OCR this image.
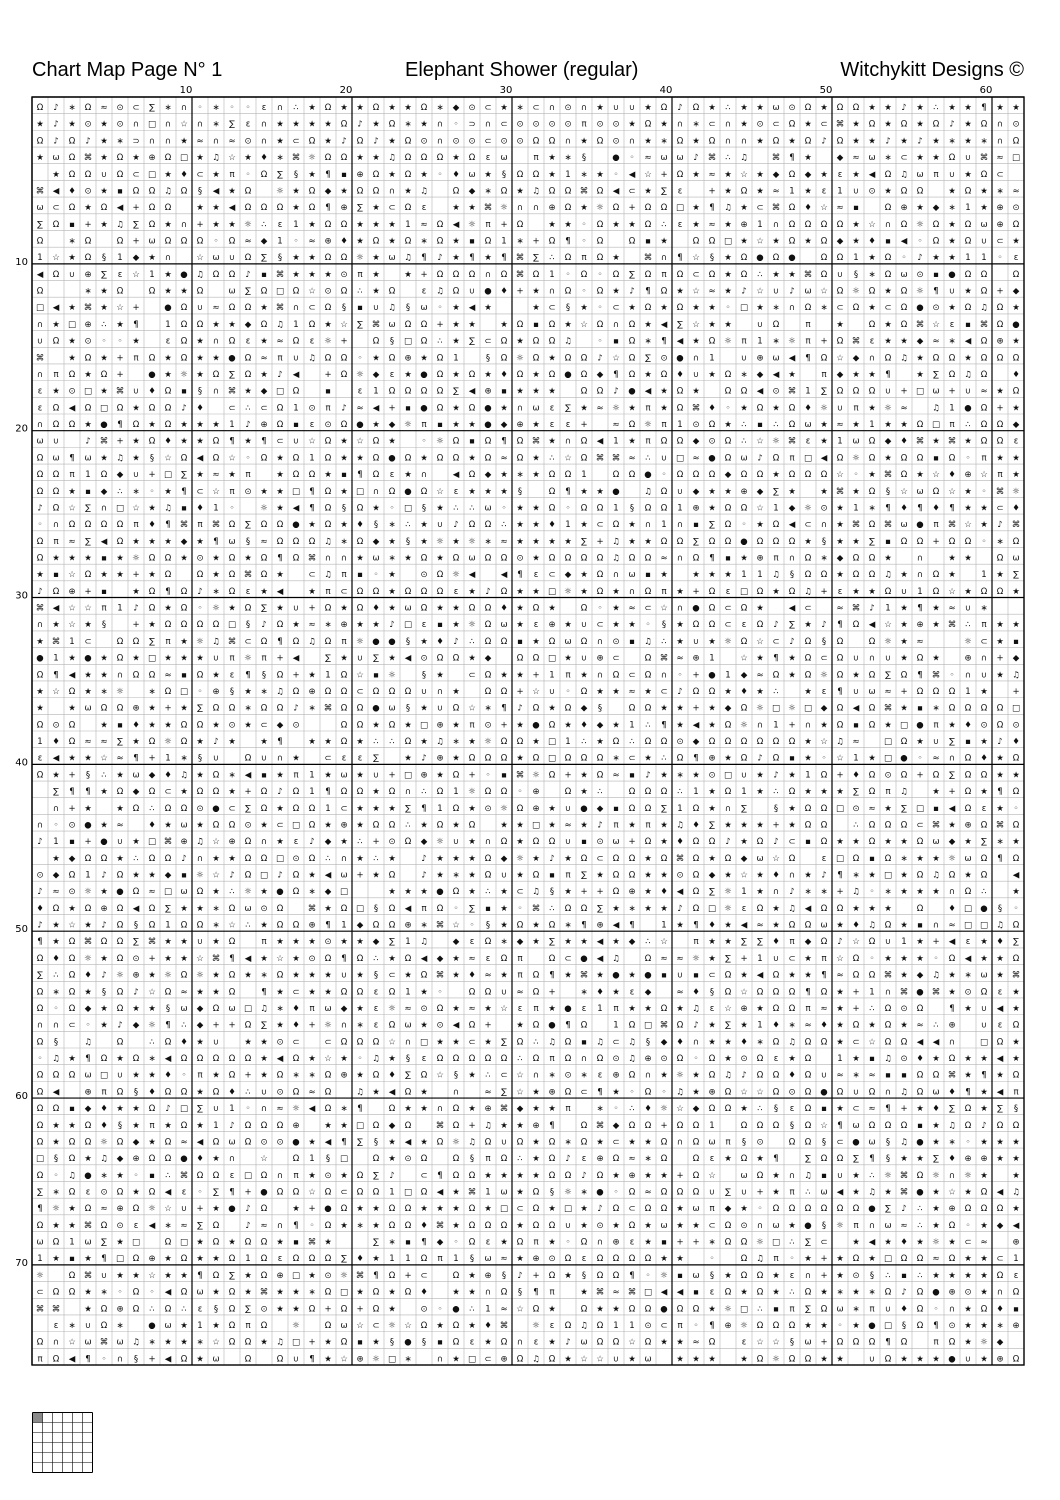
Chart Map Page N° 1	Elephant Shower (regular)	Witchykitt Designs ©
Ω ♪ ∗ Ω ≈ ⊙ ⊂ ∑ ∗ ∩ ◦ ∗ ◦ ◦ ε ∩ ∴ ★ Ω ★ ★ Ω ★ ★ Ω ∗ ◆ ⊙ ⊂ ★ ∗ ⊂ ∩ ⊙ ∩ ★ ∪ ∪ ★ Ω ♪ Ω ★ ∴ ★ ★ ω ⊙ Ω ★ Ω Ω ★ ★ ♪ ★ ∴ ★ ★ ¶ ★ ★
★ ♪ ★ ⊙ ★ ⊙ ∩ □ ∩ ☆ ∩ ∗ ∑ ε ∩ ★ ★ ★ ★ Ω ♪ ★ Ω ∗ ★ ∩ ◦ ⊃ ∩ ⊂ ⊙ ⊙ ⊙ ⊙ π ⊙ ⊙ ★ Ω ★ ∩ ∗ ⊂ ∩ ★ ⊙ ⊂ Ω ★ ⊂ ⌘ ★ Ω ★ Ω ★ Ω ♪ ★ Ω ∩ ⊙
Ω ♪ Ω ♪ ★ ∗ ⊃ ∩ ∩ ★ ≈ ∩ ≈ ⊙ ∩ ★ ⊂ Ω ★ ♪ Ω ♪ ★ Ω ⊙ ∩ ⊙ ⊙ ⊂ ⊙ ⊙ Ω Ω ∩ ★ Ω ⊙ ∩ ★ ∗ Ω ★ Ω ∩ ∩ ★ Ω ★ Ω ♪ Ω ★ ★ ♪ ★ ♪ ★ ∗ ★ ∗ ∩ Ω
★ ω Ω ⌘ ★ Ω ★ ⊕ Ω □ ★ ♫ ☆ ★ ♦ ∗ ⌘ ☼ Ω Ω ★ ★ ♫ Ω Ω Ω ★ Ω ε ω	π ★ ∗ §	● ◦ ≈ ω ω ♪ ⌘ ∴ ♫	⌘ ¶ ★	◆ ≈ ω ∗ ⊂ ★ ★ Ω ∪ ⌘ ≈ □
★ Ω Ω ∪ Ω ⊂ □ ★ ♦ ⊂ ★ π ◦ Ω ∑ § ★ ¶ ▪ ⊕ Ω ★ Ω ★ ◦ ♦ ω ★ § Ω Ω ★ 1 ∗ ★ ◦ ◀ ☆ + Ω ★ ≈ ★ ☆ ★ ◆ Ω ◆ ★ ε ★ ◀ Ω ♫ ω π ∪ ★ Ω ⊂
⌘ ◀ ♦ ⊙ ★ ▪ Ω Ω ♫ Ω § ◀ ★ Ω	☼ ★ Ω ◆ ★ Ω Ω ∩ ★ ♫	Ω ◆ ∗ Ω ★ ♫ Ω Ω ⌘ Ω ◀ ⊂ ★ ∑ ε	+ ★ Ω ★ ≈ 1 ★ ε 1 ∪ ⊙ ★ Ω Ω	★ Ω ★ ∗ ≈
ω ⊂ Ω ★ Ω ◀ + Ω Ω	★ ★ ◀ Ω Ω Ω ★ Ω ¶ ⊕ ∑ ★ ⊂ Ω ε	★ ★ ⌘ ☼ ∩ ∩ ⊕ Ω ★ ☼ Ω + Ω Ω □ ★ ¶ ♫ ★ ⊂ ⌘ Ω ♦ ☆ ≈ ▪	Ω ⊕ ★ ◆ ∗ 1 ★ ⊕ ⊙
∑ Ω ▪ + ★ ♫ ∑ Ω ★ ∩ + ★ ★ ☼ ∴ ε 1 ★ Ω Ω ★ ★ ★ 1 ≈ Ω ◀ ☼ π + Ω	★ ★ ◦ Ω ★ ★ Ω ∴ ε ★ ≈ ★ ⊕ 1 ∩ Ω Ω Ω Ω ★ ☆ ∩ Ω ☼ Ω ★ Ω ω ⊕ Ω
Ω	∗ Ω	Ω + ω Ω Ω Ω ◦ Ω ≈ ◆ 1 ◦ ≈ ⊕ ♦ ★ Ω ★ Ω ∗ Ω ★ ▪ Ω 1 ∗ + Ω ¶ ◦ Ω	Ω ▪ ★	Ω Ω □ ★ ☆ ★ Ω ★ Ω ◆ ★ ♦ ▪ ◀ ◦ Ω ★ Ω ∪ ⊂ ★
1 ☆ ★ Ω § 1 ◆ ★ ∩	☆ ω ∪ Ω ∑ § ★ ★ Ω Ω ☼ ★ ω ♫ ¶ ♪ ★ ¶ ★ ¶ ⌘ ∑ ∴ Ω π Ω ★	⌘ ∩ ¶ ☆ § ★ Ω ● Ω ●	Ω Ω 1 ★ Ω ◦ ♪ ★ ★ 1 1 ◦ ε
◀ Ω ∪ ⊕ ∑ ε ☆ 1 ★ ● ♫ Ω Ω ♪ ▪ ⌘ ★ ★ ★ ⊙ π ★	★ + Ω Ω Ω ∩ Ω ⌘ Ω 1 ◦ Ω ◦ Ω ∑ Ω π Ω ⊂ Ω ★ Ω ∴ ★ ★ ⌘ Ω ∪ § ∗ Ω ω ⊙ ▪ ● Ω Ω	Ω
Ω	∗ ★ Ω	Ω ★ ★ Ω	ω ∑ Ω □ Ω ☆ ⊙ Ω ∴ ★ Ω	ε ♫ Ω ∪ ● ♦ + ★ ∩ Ω ◦ Ω ★ ♪ ¶ Ω ★ ☆ ≈ ★ ♪ ☆ ∪ ♪ ω ☆ Ω ☼ Ω ★ Ω ☼ ¶ ∪ ★ Ω + ◆
□ ◀ ★ ⌘ ★ ☆ +	● Ω ∪ ≈ Ω Ω ★ ⌘ ∩ ⊂ Ω § ▪ ∪ ♫ § ω ◦ ★ ◀ ★	★ ⊂ § ★ ◦ ⊂ ★ Ω ★ Ω ★ ★ ◦ □ ★ ∗ ∩ Ω ∗ ⊂ Ω ★ ⊂ Ω ● ⊙ ★ Ω ♫ Ω ★
∩ ★ □ ⊕ ∴ ★ ¶	1 Ω Ω ★ ★ ◆ Ω ♫ 1 Ω ★ ☆ ∑ ⌘ ω Ω Ω + ★ ★	★ Ω ▪ Ω ★ ☆ Ω ∩ Ω ★ ◀ ∑ ☆ ★ ★	∪ Ω	π	★	Ω ★ Ω ⌘ ☆ ε ▪ ⌘ Ω ●
∪ Ω ★ ⊙ ◦ ◦ ★	ε Ω ★ ∩ Ω ε ★ ≈ Ω ε ☼ +	Ω § □ Ω ∴ ★ ∑ ⊂ Ω ★ Ω Ω ♫	◦ ▪ Ω ∗ ¶ ◀ ★ Ω ☼ π 1 ∗ ☼ π + Ω ⌘ ε ★ ★ ◆ ≈ ∗ ◀ Ω ⊕ ★
⌘	★ Ω ★ + π Ω ★ Ω ★ ★ ● Ω ≈ π ∪ ♫ Ω Ω ◦ ★ Ω ⊕ ★ Ω 1	§ Ω ☼ Ω ★ Ω Ω ♪ ☆ Ω ∑ ⊙ ● ∩ 1	∪ ⊕ ω ◀ ¶ Ω ☆ ◆ ∩ Ω ♫ ★ Ω Ω ★ Ω Ω Ω
∩ π Ω ★ Ω +	● ★ ☼ ★ Ω ∑ Ω ★ ♪ ◀	+ Ω ☼ ◆ ε ★ ● Ω ★ Ω ★ ♦ Ω ★ Ω ● Ω ◆ ¶ Ω ★ Ω ♦ ∪ ★ Ω ∗ ◆ ◀ ★	π ◆ ★ ★ ¶	★ ∑ Ω ♫ Ω	♦
ε ★ ⊙ □ ★ ⌘ ∪ ♦ Ω ▪ § ∩ ⌘ ★ ◆ □ Ω	▪	ε 1 Ω Ω Ω Ω ∑ ◀ ⊕ ▪ ★ ★ ★	Ω Ω ♪ ● ◀ ★ Ω ★	Ω Ω ◀ ⊙ ⌘ 1 ∑ Ω Ω Ω ∪ + □ ω + ∪ ≈ ★ Ω
ε Ω ◀ Ω □ Ω ★ Ω Ω ♪ ♦	⊂ ∴ ⊂ Ω 1 ⊙ π ♪ ≈ ◀ + ▪ ● Ω ★ Ω ● ★ ∩ ω ε ∑ ★ ≈ ☼ ★ π ★ Ω ⌘ ♦ ◦ ★ Ω ★ Ω ♦ ☼ ∪ π ★ ☼ ≈	♫ 1 ● Ω + ★
∩ Ω Ω ★ ● ¶ Ω ★ Ω ★ ★ ★ 1 ♪ ⊕ Ω ▪ ε ⊙ Ω ● ★ ◆ ☼ π ▪ ★ ★ ● ◆ ⊕ ★ ε ε +	≈ Ω ☼ π 1 ⊙ Ω ★ ∴ ▪ ∴ Ω ω ★ ≈ ★ 1 ★ ★ Ω □ π ∴ Ω Ω ◆
ω ∪	♪ ⌘ + ★ Ω ♦ ★ ★ Ω ¶ ★ ¶ ⊂ ∪ ☆ Ω ★ ☆ Ω ★	◦ ☼ Ω ▪ Ω ¶ Ω ⌘ ★ ∩ Ω ◀ 1 ★ π Ω Ω ◆ ⊙ Ω ∴ ☆ ☼ ⌘ ε ★ 1 ω Ω ◆ ♦ ⌘ ★ ⌘ ★ Ω Ω ε
Ω ω ¶ ω ★ ♫ ★ § ☆ Ω ◀ Ω ☆ ◦ Ω ★ Ω 1 Ω ★ ★ Ω ● Ω ★ Ω Ω ★ Ω ≈ Ω ★ ∴ ☆ Ω ⌘ ⌘ ≈ ∴ ∪ □ ≈ ● Ω ω ♪ Ω π □ ◀ Ω ☼ Ω ★ Ω Ω ▪ Ω ◦ π ★ ★
Ω Ω π 1 Ω ◆ ∪ + □ ∑ ★ ≈ ★ π	★ Ω Ω ★ ▪ ¶ Ω ε ★ ∩	◀ Ω ◆ ★ ∗ ★ Ω Ω 1	Ω Ω ● ◦ Ω Ω Ω ◆ Ω Ω ★ Ω Ω Ω ☆ ◦ ★ ⌘ Ω ★ ☆ ♦ ⊕ ☆ π ★
Ω Ω ★ ▪ ◆ ∴ ∗ ◦ ★ ¶ ⊂ ☆ π ⊙ ★ ★ □ ¶ Ω ★ □ ∩ Ω ● Ω ☆ ε ★ ★ ★ §	Ω ¶ ★ ★ ●	♫ Ω ∪ ◆ ★ ★ ⊕ ◆ ∑ ★	★ ⌘ ★ Ω § ☆ ω Ω ☆ ★ ◦ ⌘ ☼
♪ Ω ☆ ∑ ∩ □ ☆ ★ ♫ ▪ ♦ 1 ◦	☼ ★ ◀ ¶ Ω § Ω ★ ◦ □ § ★ ∴ ∴ ω ◦ ★ ★ Ω ◦ Ω Ω 1 § Ω Ω 1 ⊕ ★ Ω Ω ☆ 1 ◆ ☼ ⊙ ★ 1 ∗ ¶ ♦ ¶ ♦ ¶ ★ ★ ⊂ ♦
◦ ∩ Ω Ω Ω Ω π ♦ ¶ ⌘ π ⌘ Ω ∑ Ω Ω ● ★ Ω ★ ♦ § ∗ ∴ ★ ∪ ♪ Ω Ω ∴ ★ ★ ♦ 1 ★ ⊂ Ω ★ ∩ 1 ∩ ▪ ∑ Ω ◦ ★ Ω ◀ ⊂ ∩ ★ ⌘ Ω ⌘ ω ● π ⌘ ☆ ★ ♪ ⌘
Ω π ≈ ∑ ◀ Ω ★ ★ ★ ◆ ★ ¶ ω § ≈ Ω Ω Ω ♫ ∗ Ω ◆ ★ § ★ ☼ ★ ☼ ∗ ≈ ★ ★ ★ ★ ∑ + ♫ ★ ★ Ω Ω ∑ Ω Ω ● Ω Ω Ω ★ § ★ ★ ∑ ▪ Ω Ω + Ω Ω ◦ ∗ Ω
Ω ★ ★ ★ ▪ ★ ☼ Ω Ω ★ ⊙ ★ Ω ★ Ω ¶ Ω ⌘ ∩ ∩ ★ ω ∗ ★ Ω ★ Ω ω Ω Ω ⊙ ★ Ω Ω Ω Ω ♫ Ω Ω ≈ ∩ Ω ¶ ▪ ★ ⊕ π ∩ Ω ∗ ◆ Ω Ω ★	∩	★ ★	Ω ω
★ ▪ ☆ Ω ★ ★ + ★ Ω	Ω ★ Ω ⌘ Ω ★	⊂ ♫ π ▪ ◦ ★	⊙ Ω ☼ ◀	◀ ¶ ε ⊂ ◆ ★ Ω ∩ ω ▪ ★	★ ★ ★ 1 1 ♫ § Ω Ω ★ Ω Ω ♫ ★ ∩ Ω ★	1 ★ ∑
♪ Ω ⊕ + ▪	★ Ω ¶ Ω ♪ ∗ Ω ε ★ ◀	★ π ⊂ Ω Ω ★ Ω Ω Ω ε ★ ♪ Ω ★ ★ □ ☼ ★ Ω ★ ∩ Ω π ★ + Ω ε □ Ω ★ Ω ♫ + ε ★ ★ Ω ∪ 1 Ω ☆ ★ Ω Ω ★
⌘ ◀ ☆ ☆ π 1 ♪ Ω ★ Ω ◦ ☼ ★ Ω ∑ ★ ∪ + Ω ★ Ω ♦ ★ ω Ω ★ ★ Ω Ω ♦ ★ Ω ★	Ω ◦ ★ ≈ ⊂ ☆ ∩ ● Ω ⊂ Ω ★	◀ ⊂	≈ ⌘ ♪ 1 ★ ¶ ★ ≈ ∪ ∗
∩ ★ ☆ ★ §	+ ★ Ω Ω Ω Ω □ § ♪ Ω ★ ≈ ∗ ⊕ ★ ★ ♪ □ ε ▪ ★ ☼ Ω ω ★ ε ⊕ ★ ∪ ⊂ ★ ★ ◦ § ★ Ω Ω ⊂ ε Ω ♪ ∑ ★ ♪ ¶ Ω ◀ ☆ ★ ⊕ ★ ⌘ ∴ π ★ ★
★ ⌘ 1 ⊂	Ω Ω ∑ π ★ ☼ ♫ ⌘ ⊂ Ω ¶ Ω ♫ Ω π ☼ ● ● § ★ ♦ ♪ ∴ Ω Ω ▪ ★ Ω ω Ω ∩ ⊙ ▪ ♫ ∴ ★ ∪ ★ ☼ Ω ☆ ⊂ ♪ Ω § Ω	Ω ☼ ★ ≈	☼ ⊂ ★ ▪
● 1 ★ ● ★ Ω ★ □ ★ ★ ★ ∪ π ☼ π + ◀	∑ ★ ∪ ∑ ★ ◀ ⊙ Ω Ω ★ ◆	Ω Ω □ ★ ∪ ⊕ ⊂	Ω ⌘ ≈ ⊕ 1	☆ ★ ¶ ★ Ω ⊂ Ω ∪ ∩ ∪ ★ Ω ★	⊕ ∩ + ◆
Ω ¶ ◀ ★ ★ ∩ Ω Ω ≈ ▪ Ω ★ ε ¶ § Ω + ★ 1 Ω ☆ ▪ ☼	§ ★	⊂ Ω ★ ★ + 1 π ★ ∩ Ω ⊂ Ω ∩ ◦ + ● 1 ◆ ≈ Ω ★ Ω ☼ Ω ★ Ω ∑ Ω ¶ ⌘ ◦ ∩ ∪ ★ ♫
★ ☆ Ω ★ ∗ ☼	∗ Ω □ ◦ ⊕ § ★ ∗ ♫ Ω ⊕ Ω Ω ⊂ Ω Ω Ω ∪ ∩ ★	Ω Ω + ☆ ∪ ◦ Ω ★ ★ ≈ ★ ⊂ ♪ Ω Ω ★ ♦ ★ ∴	★ ε ¶ ∪ ω ≈ + Ω Ω Ω 1 ★	+
★	★ ω Ω Ω ⊕ ★ + ★ ∑ Ω Ω ∗ Ω Ω ♪ ∗ ⌘ Ω Ω ● ω § ★ ∪ Ω ☆ ∗ ¶ ♪ Ω ★ Ω ◆ §	Ω Ω ★ ★ + ★ ◆ Ω ☼ □ ☼ □ ◆ Ω ◀ Ω ⌘ ★ ▪ ∗ Ω Ω Ω Ω □
Ω ⊙ Ω	★ ▪ ♦ ★ ★ Ω Ω ★ ⊙ ★ ⊂ ◆ ⊙	Ω Ω ★ Ω ★ □ ⊕ ★ π ⊙ + ★ ● Ω ★ ♦ ◆ ★ 1 ∴ ¶ ★ ◀ ★ Ω ☼ ∩ 1 + ∩ ★ Ω ▪ Ω ★ □ ● π ★ ♦ ⊙ Ω ⊙
1 ♦ Ω ≈ ≈ ∑ ★ Ω ☼ Ω ★ ♪ ★	★ ¶	★ ★ Ω ★ ∴ ∴ Ω ★ ♫ ∗ ★ ☼ Ω Ω ★ □ 1 ∴ ★ Ω ∴ Ω Ω ⊙ ◆ Ω Ω Ω Ω Ω Ω ★ ☆ ♫ ≈	□ Ω ★ ∪ ∑ ▪ ★ ♪ ♦
ε ◀ ★ ★ ☆ ≈ ¶ + 1 ∗ § ∪	Ω ∪ ∩ ★	⊂ ε ε ∑	★ ♪ ⊕ ★ Ω Ω Ω ★ Ω □ Ω Ω Ω ∗ ⊂ ★ ∴ Ω ¶ ⊕ ★ Ω ♪ Ω ▪ ★ ◦ ☆ 1 ★ □ ● ◦ ≈ ∩ Ω ♦ ★ Ω
Ω ★ + § ∴ ★ ω ◆ ♦ ♫ ★ Ω ∗ ◀ ▪ ★ π 1 ★ ω ★ ∪ + □ ⊕ ★ Ω + ◦ ▪ ⌘ ☼ Ω + ★ Ω ≈ ▪ ♪ ★ ∗ ★ ⊙ □ ∪ ★ ♪ ★ 1 Ω + ♦ Ω ⊙ Ω + Ω ∑ Ω Ω ★ ★
∑ ¶ ¶ ★ Ω ◆ Ω ⊂ ★ Ω Ω ★ + Ω ♪ Ω 1 ¶ Ω Ω ★ Ω ∩ ∴ Ω 1 ☼ Ω Ω ◦ ⊕	Ω ★ ∴	Ω Ω Ω ∴ 1 ★ Ω 1 ★ ∴ Ω ★ ★ ★ ∑ Ω π ♫	★ + Ω ★ ¶ Ω
∩ + ★	★ Ω ∴ Ω Ω ⊙ ● ⊂ ∑ Ω ★ Ω Ω 1 ⊂ ★ ★ ★ ∑ ¶ 1 Ω ★ ⊙ ☼ Ω ⊕ ★ ∪ ● ◆ ▪ Ω Ω ∑ 1 Ω ★ ∩ ∑	§ ★ Ω Ω □ ⊙ ≈ ★ ∑ □ ▪ ◀ Ω ε ★ ◦
∩ ◦ ⊙ ● ★ ≈	♦ ★ ω ★ Ω Ω ⊙ ★ ⊂ □ Ω ★ ⊕ ★ Ω Ω ∴ ★ Ω ★ Ω	★ ★ □ ★ ≈ ★ ♪ π ★ π ★ ♫ ♦ ∑ ★ ★ ★ + ★ Ω Ω	∴ Ω Ω Ω ⊂ ⌘ ★ ⊕ Ω ⌘ Ω
♪ 1 ▪ + ● ∪ ★ □ ⌘ ⊕ ♫ ☆ ⊕ Ω ∩ ★ ε ♪ ◆ ★ ∴ + ⊙ Ω ◆ ☼ ∪ ★ ∩ Ω ★ Ω Ω ∪ ▪ ⊙ ω + Ω ★ ♦ Ω Ω ♪ ★ Ω ♪ ⊂ ▪ Ω ★ ★ Ω ★ ★ Ω ω ◆ ★ ∑ ∗ ★
★ ◆ Ω Ω ★ ∴ Ω Ω ♪ ∩ ★ ★ Ω Ω □ ⊙ Ω ∴ ∩ ★ ∴ ★	♪ ★ ★ ★ Ω ◆ ☼ ★ ♪ ★ Ω ⊂ Ω Ω ★ Ω ⌘ Ω ★ Ω ◆ ω ☆ Ω	ε □ Ω ▪ Ω ∗ ★ ★ ☼ ω Ω ¶ Ω
⊙ ◆ Ω 1 ♪ Ω ★ ★ ◆ ▪ ☼ ☆ ♪ Ω □ ♪ Ω ★ ◀ ω + ★ Ω	♪ ★ ∗ ★ Ω ∪ ★ Ω ▪ π ∑ ★ Ω Ω ★ ★ ⊙ Ω ◆ ★ ☆ ★ ♦ ∩ ★ ♪ ¶ ∗ ★ □ ★ Ω ♫ Ω ★ Ω	◀
♪ ≈ ⊙ ☼ ★ ● Ω ≈ □ ω Ω ★ ∴ ☼ ★ ● Ω ∗ ◆ □	★ ★ ★ ● Ω ★ ∴ ★ ⊂ ♫ § ★ + + Ω ⊕ ★ ♦ ◀ Ω ∑ ☼ 1 ★ ∩ ♪ ∗ ∗ + ♫ ◦ ∗ ★ ★ ★ ∩ Ω ∴	★
♦ Ω ★ Ω ⊕ Ω ◀ Ω ∑ ★ ★ ∗ Ω ω ⊙ Ω	⌘ ★ Ω □ § Ω ◀ π Ω ◦ ∑ ▪ ★ ◦ ⌘ ∴ Ω Ω ∑ ★ ∗ ★ ★ ♪ Ω □ ☼ ε Ω ★ ♫ ◀ Ω Ω ★ ★ ★	Ω	♦ □ ● § ◦
♪ ★ ☆ ★ ♪ Ω § Ω 1 Ω Ω ∗ ☆ ∴ ★ Ω Ω ⊕ ¶ 1 ◆ Ω Ω ⊕ ∗ ⌘ ☆ ◦ § ★ Ω ★ Ω ∗ ¶ ⊕ ◀ ¶	1 ★ ¶ ♦ ★ ◀ ≈ ★ Ω Ω ω ★ ♦ ♫ Ω ★ ▪ ∩ ≈ □ □ ♫ Ω
¶ ★ Ω ⌘ Ω Ω ∑ ⌘ ★ ★ ∪ ★ Ω	π ★ ★ ★ ⊙ ★ ★ ◆ ∑ 1 ♫	◆ ε Ω ∗ ◆ ★ ∑ ★ ★ ◀ ★ ◆ ∴ ☆	π ★ ★ ∑ ∑ ♦ π ◆ Ω ♪ ☆ Ω ∪ 1 ★ + ◀ ε ★ ♦ ∑
Ω ♦ Ω ☼ ★ Ω ⊙ + ★ ★ ☆ ⌘ ¶ ◀ ★ ☆ ★ ⊙ Ω ¶ Ω ∴ ★ Ω ◀ ◆ ★ ≈ ε Ω π	Ω ⊂ ● ◀ ♫	Ω ≈ ≈ ☼ ★ ∑ + 1 ∪ ⊂ ★ π ☆ Ω ◦ ★ ★ ★ ◦ Ω ◀ ★ ★ Ω
∑ ∴ Ω ♦ ♪ ☼ ⊕ ★ ☼ Ω ☼ ★ Ω ★ ∗ Ω ★ ★ ★ ∪ ★ § ⊂ ★ Ω ⌘ ★ ♦ ≈ ★ π Ω ¶ ★ ⌘ ★ ● ★ ● ▪ ∪ ▪ ⊂ Ω ★ ◀ Ω ★ ★ ¶ ≈ Ω Ω ⌘ ★ ◆ ♫ ★ ∗ ω ★ ⌘
Ω ∗ Ω ★ § Ω ♪ ☆ Ω ≈ ★ ★ Ω	¶ ★ ⊂ ★ ★ Ω Ω ε Ω 1 ★ ◦	Ω Ω ∪ ≈ Ω +	∗ ♦ ★ ε ◆	≈ ♦ § Ω ☆ Ω Ω Ω ¶ Ω ★ + 1 ∩ ⌘ ● ⌘ ★ ⊙ Ω ε ★
Ω ◦ Ω ◆ ★ Ω ★ ★ § ω ◆ Ω ω □ ♫ ∗ ♦ π ω ◆ ★ ε ☼ ≈ ⊙ Ω ★ ≈ ★ ☆ ε π ★ ● ε 1 π ★ ★ Ω ★ ♫ ε ☆ ⊕ ★ Ω Ω π ≈ ★ + ∴ Ω ⊙ Ω	¶ ★ ∪ ◀ ★
∩ ∩ ⊂ ◦ ★ ♪ ◆ ☼ ¶ ∴ ◆ + + Ω ∑ ★ ♦ + ☼ ∩ ∗ ε Ω ω ★ ⊙ ◀ Ω +	★ Ω ● ¶ Ω	1 Ω □ ⌘ Ω ♪ ★ ∑ ★ 1 ♦ ∗ ≈ ♦ ★ Ω ★ Ω ★ ≈ ∴ ⊕	∪ ε Ω
Ω §	♫	Ω	∴ Ω ♦ ★ ∪	★ ★ ⊙ ⊂	⊂ Ω Ω Ω ☆ ∩ □ ★ ★ ⊂ ★ ∑ Ω ∴ ♫ Ω ▪ ♫ ⊂ ♫ § ◆ ♦ ∩ ★ ★ ♦ ∗ Ω ♫ Ω Ω ★ ⊂ ☆ Ω Ω ◀ ◀ ∩	□ Ω ★
◦ ♫ ★ ¶ Ω ★ Ω ∗ ◀ Ω Ω Ω Ω Ω ★ ◀ Ω ★ ☆ ★ ◦ ♫ ★ § ε Ω Ω Ω Ω Ω ∴ Ω π Ω ∩ Ω ⊙ ♫ ⊕ ⊙ Ω ◦ Ω ★ ⊙ Ω ε ★ Ω	1 ★ ▪ ♫ ⊙ ♦ ★ Ω ★ ★ ◀ ★
Ω Ω Ω ω □ ∪ ★ ★ ♦ ◦ π ★ Ω + ★ Ω ∗ ∗ Ω ⊕ ★ Ω ♦ ∑ Ω ☆ § ★ ∴ ⊂ ☆ ∩ ∗ ⊙ ∗ ε ⊕ Ω ∩ ★ ☼ ★ Ω ♫ ♪ Ω Ω ♦ Ω ∪ ≈ ∗ ≈ ▪ ▪ Ω Ω ⌘ ★ ¶ ★ Ω
Ω ◀	⊕ π Ω § ♦ Ω Ω ★ Ω ♦ ∴ ∪ ⊙ Ω ≈ Ω	♫ ★ ◀ Ω ★	∩	≈ ∑ ☆ ★ ⊕ Ω ⊂ ¶ ★ ◦ Ω ◦ ♫ ★ ⊕ Ω ☆ ☆ Ω ⊙ Ω ● Ω ∪ Ω ∩ ♫ Ω ω ♦ ¶ ★ ◀ π
Ω Ω ▪ ◆ ♦ ★ ★ Ω ♪ □ ∑ ∪ 1 ◦ ∩ ≈ ☼ ◀ Ω ∗ ¶	Ω ★ ★ ∩ Ω ★ ⊕ ⌘ ◆ ★ ★ π	∗ ◦ ∴ ♦ ☼ ☆ ◆ Ω Ω ★ ∴ § ε Ω ▪ ★ ⊂ ≈ ¶ + ★ ♦ ∑ Ω ★ ∑ §
Ω ★ ★ Ω ♦ § ★ π ★ Ω ★ 1 ♪ Ω Ω Ω ⊕	★ ★ □ Ω ◆ Ω	⌘ Ω + ♫ ★ ★ ⊕ ¶	Ω ⌘ ◆ Ω Ω + Ω Ω 1	Ω Ω Ω § Ω ☆ ¶ ω Ω Ω Ω ▪ ★ ♫ Ω ♪ Ω Ω
Ω ★ Ω Ω ☼ Ω ◆ ★ Ω ≈ ◀ Ω ω Ω ⊙ ⊙ ● ★ ◀ ¶ ∑ § ★ ◀ ★ Ω ☼ ♫ Ω ∪ Ω ★ Ω ∗ Ω ★ ⊂ ★ ★ Ω ∩ Ω ω π § ⊙	Ω Ω § ⊂ ● ω § ♫ ● ★ ∗ ◦ ★ ★ ★
□ § Ω ★ ♫ ◆ ⊕ Ω Ω ● ♦ ★ ∩	☆	Ω 1 § □	Ω ★ ⊙ Ω	Ω § π Ω ∴ ★ Ω ♪ ε ⊕ Ω ≈ ∗ Ω	Ω ε ★ Ω ★ ¶	∑ Ω Ω ∑ ¶ § ★ ★ ∑ ♦ ⊕ ⊕ ★ ★
Ω ◦ ♫ ● ∗ ★ ◦ ▪ ∴ ⌘ Ω Ω ε □ Ω ∩ π ★ ⊙ ★ Ω ∑ ♪	⊂ ¶ Ω Ω ★ ★ ★ ★ Ω Ω ♪ Ω ★ ⊕ ★ ★ + Ω ☆	ω Ω ★ ∩ ♫ ▪ ∪ ★ ∴ ☼ ⌘ Ω ☼ ∩ ☼ ★	★
∑ ∗ Ω ε ⊙ Ω ★ Ω ◀ ε ◦ ∑ ¶ + ● Ω Ω ☆ Ω ⊂ Ω Ω 1 □ Ω ◀ ★ ⌘ 1 ω ★ Ω § ☼ ∗ ● ◦ Ω ≈ Ω Ω Ω ∪ ∑ ∪ + ★ π ∴ ω ◀ ★ ♫ ★ ⌘ ● ★ ☆ ★ Ω ◀ ♫
¶ ☼ ★ Ω ≈ ⊕ Ω ☼ ☆ ∪ + ★ ● ♪ Ω	★ + ● Ω ★ ★ Ω Ω ★ ★ ★ Ω ★ □ ⊂ Ω ★ □ ★ ♪ Ω ⊂ Ω Ω ★ ω π ◆ ★ ◦ Ω Ω Ω Ω Ω Ω ● ∑ ♪ ∴ ★ ⊕ Ω Ω Ω ★
Ω ★ ★ ⌘ Ω ⊙ ε ◀ ∗ ≈ ∑ Ω	♪ ≈ ∩ ¶ ◦ Ω ★ ∗ ★ Ω Ω ♦ ⌘ ★ Ω Ω Ω ★ Ω Ω ∪ ★ ⊙ ★ Ω ★ ω ★ ★ ⊂ Ω ⊙ ∩ ω ★ ● § ☼ π ∩ ω ≈ ∴ ★ Ω ◦ ★ ◆ ◀
ω Ω 1 ω ∑ ★ □	Ω □ ★ Ω ★ Ω Ω ★ ▪ ⌘ ★	∑ ∗ ▪ ¶ ◆ ◦ Ω ε ★ Ω π ★ ◦ Ω ∩ ⊕ ε ★ ▪ + + ∗ Ω Ω ☼ □ ∴ ∑ ⊂	★ ◀ ★ ♦ ★ ☼ ★ ⊂ ≈	⊕
1 ★ ▪ ★ ¶ □ Ω ⊕ ★ Ω ★ ★ Ω 1 Ω ε Ω Ω Ω ∑ ♦ ★ 1 1 Ω π 1 § ω ≈ ★ ⊕ ⊙ Ω ε Ω Ω Ω Ω ★ ★	◦	Ω ♫ π ◦ ★ + ★ Ω ★ □ Ω Ω ≈ Ω ★ ★ ⊂ 1
☼	Ω ⌘ ∪ ★ ★ ☆ ★ ★ ¶ Ω ∑ ★ Ω ⊕ □ ★ ⊙ ☼ ⌘ ¶ Ω + ⊂	Ω ★ ⊕ § ♪ + Ω ★ § Ω Ω ¶ ◦ ☼ ▪ ω § ★ Ω Ω ★ ε ∩ + ★ ⊙ § ∴ ▪ ∴ ★ ★ ★ ★ Ω ε
⊂ Ω Ω ★ ∗ ◦ Ω ◦ ◀ Ω ω ★ Ω ★ ⌘ ★ ★ ∗ Ω □ ★ Ω ★ Ω ♦	★ ★ ∩ Ω § ¶ π	★ ⌘ ≈ ⌘ □ ◀ ◀ ▪ ε Ω ★ Ω ★ ∴ Ω ★ ∗ ★ ∗ Ω ♪ Ω ● ⊕ ⊙ ★ ∩ Ω
⌘ ⌘	★ Ω ⊕ Ω ∴ Ω ∴ ε § Ω ∑ ⊙ ★ ★ Ω + Ω + Ω ★	⊙ ◦ ● ∴ 1 ≈ ☆ Ω ★	Ω ★ ★ Ω Ω ● Ω Ω ★ ☼ □ ∴ ▪ π ∑ Ω ω ∗ π ∪ ♦ Ω ◦ ∩ ★ Ω ♦ ▪
ε ∗ ∪ Ω ∗	● ω ★ 1 ★ Ω π Ω	☼	Ω ω ☆ ⊂ ☼ ☆ Ω ★ Ω ★ ♦ ⌘	☼ ε Ω ♫ Ω 1 1 ⊙ ⊂ π ◦ ¶ ⊕ ☼ Ω Ω Ω ★ ★ ◦ ★ ● □ § Ω ¶ ⊙ ★ ★ ∗ ⊕
Ω ∩ ☆ ω ⌘ ω ♫ ∗ ★ ★ ∗ ☆ Ω Ω ★ ♫ □ + ★ Ω ▪ ★ § ● § ▪ Ω ε ★ Ω ∩ ε ★ ♪ ω Ω Ω ☆ Ω ★ ★ ≈ Ω	ε ☆ ☆ § ω + Ω Ω Ω ¶ Ω	π Ω ★ ☼ ◆
π Ω ◀ ¶ ◦ ∩ § + ◀ Ω ★ ω	Ω	Ω ∪ ¶ ★ ☆ ⊕ ☼ □ ∗	∩ ★ □ ⊂ ⊕ Ω ♫ Ω ★ ☆ ☆ ∪ ★ ω	★ ★ ★	★ Ω ☼ Ω Ω ★ ★	∪ Ω ★ ★ ★ ● ∪ ★ ⊕ Ω
10	20	30	40	50	60
10
20
30
40
50
60
70
